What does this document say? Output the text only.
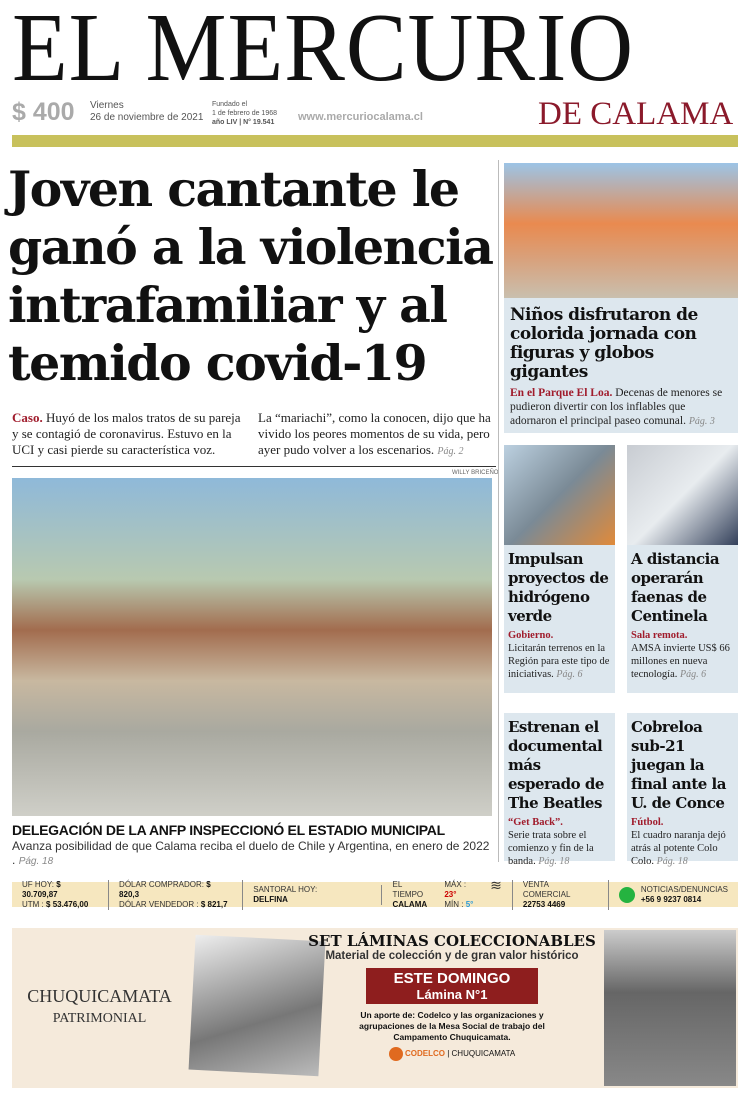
EL MERCURIO
$ 400 Viernes
26 de noviembre de 2021
Fundado el
1 de febrero de 1968
año LIV | N° 19.541 www.mercuriocalama.cl	DE CALAMA
Joven cantante le ganó a la violencia intrafamiliar y al temido covid-19
Caso. Huyó de los malos tratos de su pareja y se contagió de coronavirus. Estuvo en la UCI y casi pierde su característica voz.
La “mariachi”, como la conocen, dijo que ha vivido los peores momentos de su vida, pero ayer pudo volver a los escenarios. Pág. 2
WILLY BRICEÑO
DELEGACIÓN DE LA ANFP INSPECCIONÓ EL ESTADIO MUNICIPAL
Avanza posibilidad de que Calama reciba el duelo de Chile y Argentina, en enero de 2022 . Pág. 18
Niños disfrutaron de colorida jornada con figuras y globos gigantes
En el Parque El Loa. Decenas de menores se pudieron divertir con los inflables que adornaron el principal paseo comunal. Pág. 3
Impulsan proyectos de hidrógeno verde
Gobierno.
Licitarán terrenos en la Región para este tipo de iniciativas. Pág. 6
A distancia operarán faenas de Centinela
Sala remota.
AMSA invierte US$ 66 millones en nueva tecnología. Pág. 6
Estrenan el documental más esperado de The Beatles
“Get Back”.
Serie trata sobre el comienzo y fin de la banda. Pág. 18
Cobreloa sub-21 juegan la final ante la U. de Conce
Fútbol.
El cuadro naranja dejó atrás al potente Colo Colo. Pág. 18
UF HOY: $ 30.709,87
UTM : $ 53.476,00
DÓLAR COMPRADOR: $ 820,3
DÓLAR VENDEDOR : $ 821,7
SANTORAL HOY:
DELFINA
EL TIEMPO
CALAMA
MÁX : 23°
MÍN : 5°
≋	VENTA COMERCIAL
22753 4469
NOTICIAS/DENUNCIAS
+56 9 9237 0814
CHUQUICAMATA
PATRIMONIAL
SET LÁMINAS COLECCIONABLES
Material de colección y de gran valor histórico
ESTE DOMINGO
Lámina N°1
Un aporte de: Codelco y las organizaciones y agrupaciones de la Mesa Social de trabajo del Campamento Chuquicamata.
CODELCO | CHUQUICAMATA
